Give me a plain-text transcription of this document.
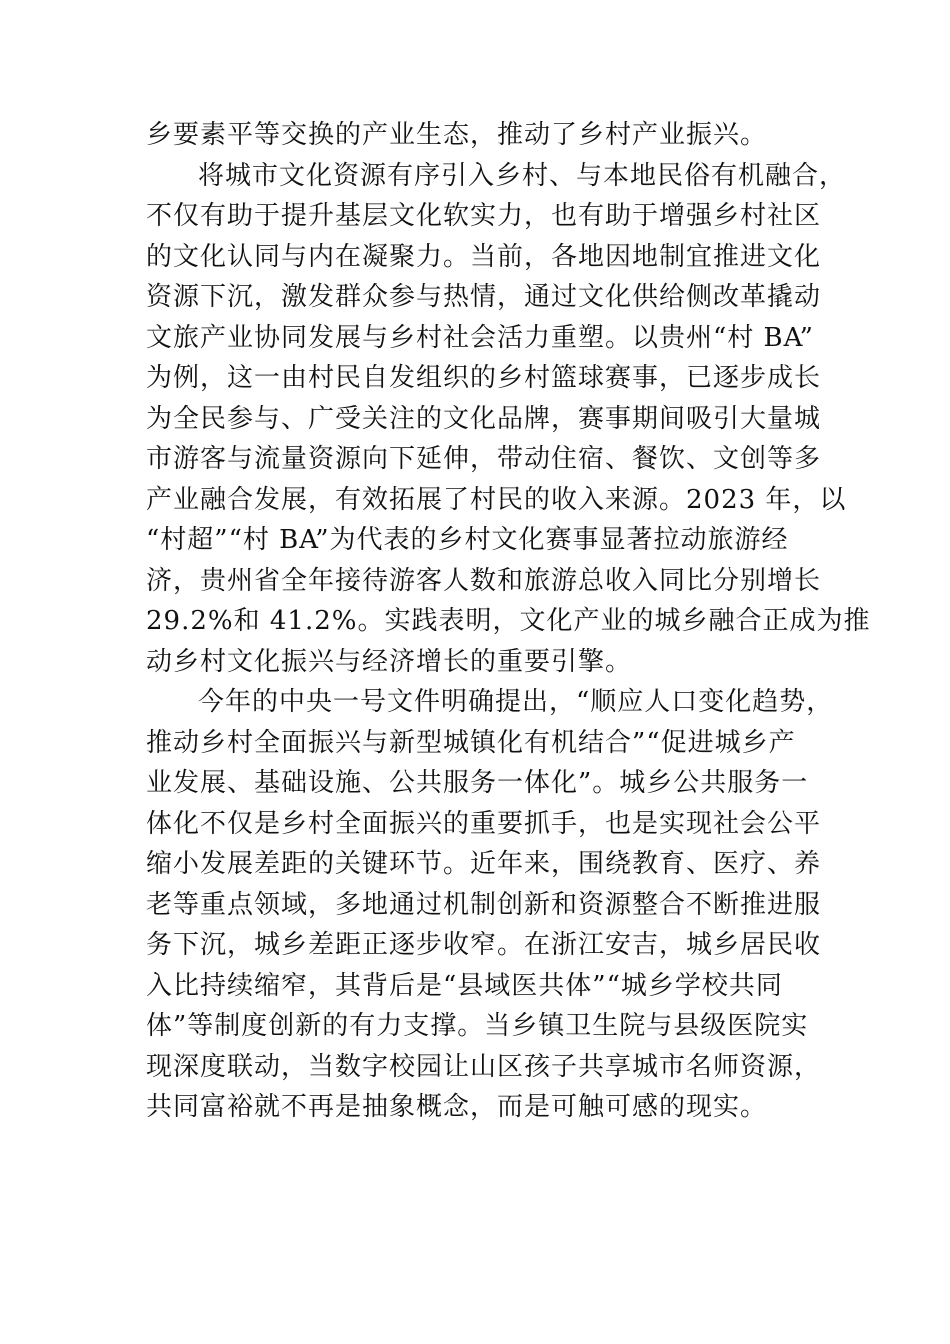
乡要素平等交换的产业生态，推动了乡村产业振兴。
将城市文化资源有序引入乡村、与本地民俗有机融合，
不仅有助于提升基层文化软实力，也有助于增强乡村社区
的文化认同与内在凝聚力。当前，各地因地制宜推进文化
资源下沉，激发群众参与热情，通过文化供给侧改革撬动
文旅产业协同发展与乡村社会活力重塑。以贵州“村 BA”
为例，这一由村民自发组织的乡村篮球赛事，已逐步成长
为全民参与、广受关注的文化品牌，赛事期间吸引大量城
市游客与流量资源向下延伸，带动住宿、餐饮、文创等多
产业融合发展，有效拓展了村民的收入来源。2023 年，以
“村超”“村 BA”为代表的乡村文化赛事显著拉动旅游经
济，贵州省全年接待游客人数和旅游总收入同比分别增长
29.2%和 41.2%。实践表明，文化产业的城乡融合正成为推
动乡村文化振兴与经济增长的重要引擎。
今年的中央一号文件明确提出，“顺应人口变化趋势，
推动乡村全面振兴与新型城镇化有机结合”“促进城乡产
业发展、基础设施、公共服务一体化”。城乡公共服务一
体化不仅是乡村全面振兴的重要抓手，也是实现社会公平
缩小发展差距的关键环节。近年来，围绕教育、医疗、养
老等重点领域，多地通过机制创新和资源整合不断推进服
务下沉，城乡差距正逐步收窄。在浙江安吉，城乡居民收
入比持续缩窄，其背后是“县域医共体”“城乡学校共同
体”等制度创新的有力支撑。当乡镇卫生院与县级医院实
现深度联动，当数字校园让山区孩子共享城市名师资源，
共同富裕就不再是抽象概念，而是可触可感的现实。
